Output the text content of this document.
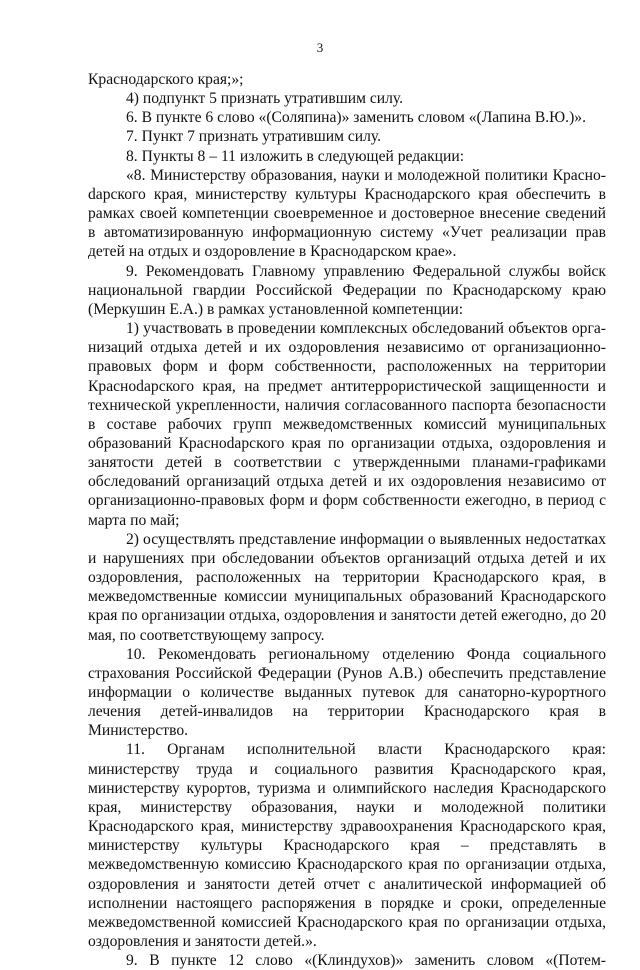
3

Краснодарского края;»;

4) подпункт 5 признать утратившим силу.

6. В пункте 6 слово «(Соляпина)» заменить словом «(Лапина В.Ю.)».

7. Пункт 7 признать утратившим силу.

8. Пункты 8 – 11 изложить в следующей редакции:

«8. Министерству образования, науки и молодежной политики Красноdарского края, министерству культуры Краснодарского края обеспечить в рамках своей компетенции своевременное и достоверное внесение сведений в автоматизированную информационную систему «Учет реализации прав детей на отдых и оздоровление в Краснодарском крае».

9. Рекомендовать Главному управлению Федеральной службы войск национальной гвардии Российской Федерации по Краснодарскому краю (Меркушин Е.А.) в рамках установленной компетенции:

1) участвовать в проведении комплексных обследований объектов организаций отдыха детей и их оздоровления независимо от организационно-правовых форм и форм собственности, расположенных на территории Красноdарского края, на предмет антитеррористической защищенности и технической укрепленности, наличия согласованного паспорта безопасности в составе рабочих групп межведомственных комиссий муниципальных образований Красноdарского края по организации отдыха, оздоровления и занятости детей в соответствии с утвержденными планами-графиками обследований организаций отдыха детей и их оздоровления независимо от организационно-правовых форм и форм собственности ежегодно, в период с марта по май;

2) осуществлять представление информации о выявленных недостатках и нарушениях при обследовании объектов организаций отдыха детей и их оздоровления, расположенных на территории Краснодарского края, в межведомственные комиссии муниципальных образований Краснодарского края по организации отдыха, оздоровления и занятости детей ежегодно, до 20 мая, по соответствующему запросу.

10. Рекомендовать региональному отделению Фонда социального страхования Российской Федерации (Рунов А.В.) обеспечить представление информации о количестве выданных путевок для санаторно-курортного лечения детей-инвалидов на территории Краснодарского края в Министерство.

11. Органам исполнительной власти Краснодарского края: министерству труда и социального развития Краснодарского края, министерству курортов, туризма и олимпийского наследия Краснодарского края, министерству образования, науки и молодежной политики Краснодарского края, министерству здравоохранения Краснодарского края, министерству культуры Краснодарского края – представлять в межведомственную комиссию Краснодарского края по организации отдыха, оздоровления и занятости детей отчет с аналитической информацией об исполнении настоящего распоряжения в порядке и сроки, определенные межведомственной комиссией Краснодарского края по организации отдыха, оздоровления и занятости детей.».

9. В пункте 12 слово «(Клиндухов)» заменить словом «(Потем-
